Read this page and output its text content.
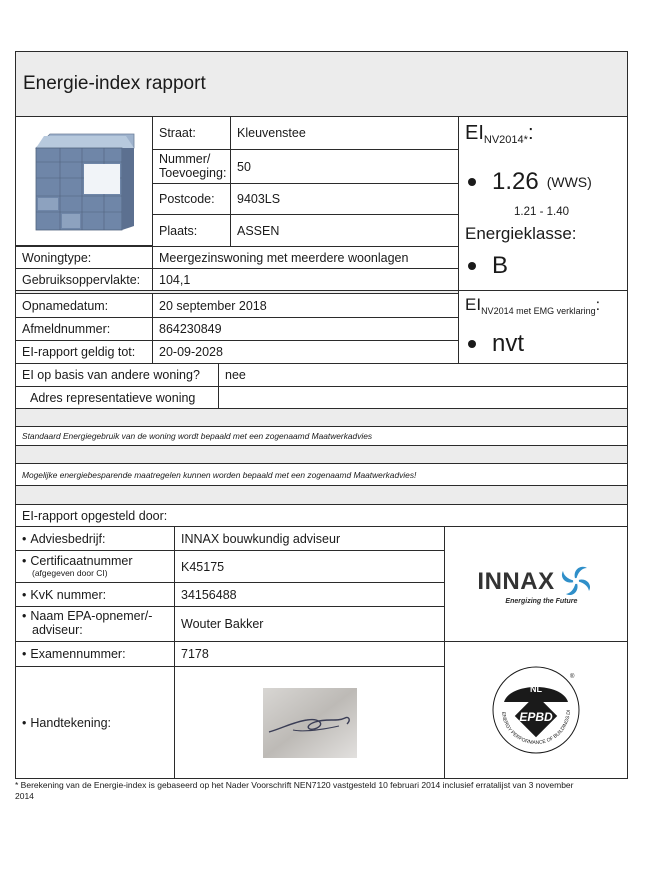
Energie-index rapport
Straat:	Kleuvenstee
Nummer/
Toevoeging: 50
Postcode: 9403LS
Plaats:	ASSEN
$EI_{NV2014*}$:
1.26 (WWS)
1.21 - 1.40
Energieklasse:
B
Woningtype:	Meergezinswoning met meerdere woonlagen
Gebruiksoppervlakte: 104,1
Opnamedatum:	20 september 2018
Afmeldnummer:	864230849
EI-rapport geldig tot: 20-09-2028
$EI_{NV2014 met EMG verklaring}$:
nvt
EI op basis van andere woning? nee
Adres representatieve woning
Standaard Energiegebruik van de woning wordt bepaald met een zogenaamd Maatwerkadvies
Mogelijke energiebesparende maatregelen kunnen worden bepaald met een zogenaamd Maatwerkadvies!
EI-rapport opgesteld door:
• Adviesbedrijf:	INNAX bouwkundig adviseur
• Certificaatnummer
(afgegeven door CI)	K45175
• KvK nummer:	34156488
• Naam EPA-opnemer/-
adviseur:	Wouter Bakker
• Examennummer:	7178
• Handtekening:
INNAX
Energizing the Future
NL
EPBD
ENERGY PERFORMANCE OF BUILDINGS DI
®
* Berekening van de Energie-index is gebaseerd op het Nader Voorschrift NEN7120 vastgesteld 10 februari 2014 inclusief erratalijst van 3 november 2014
